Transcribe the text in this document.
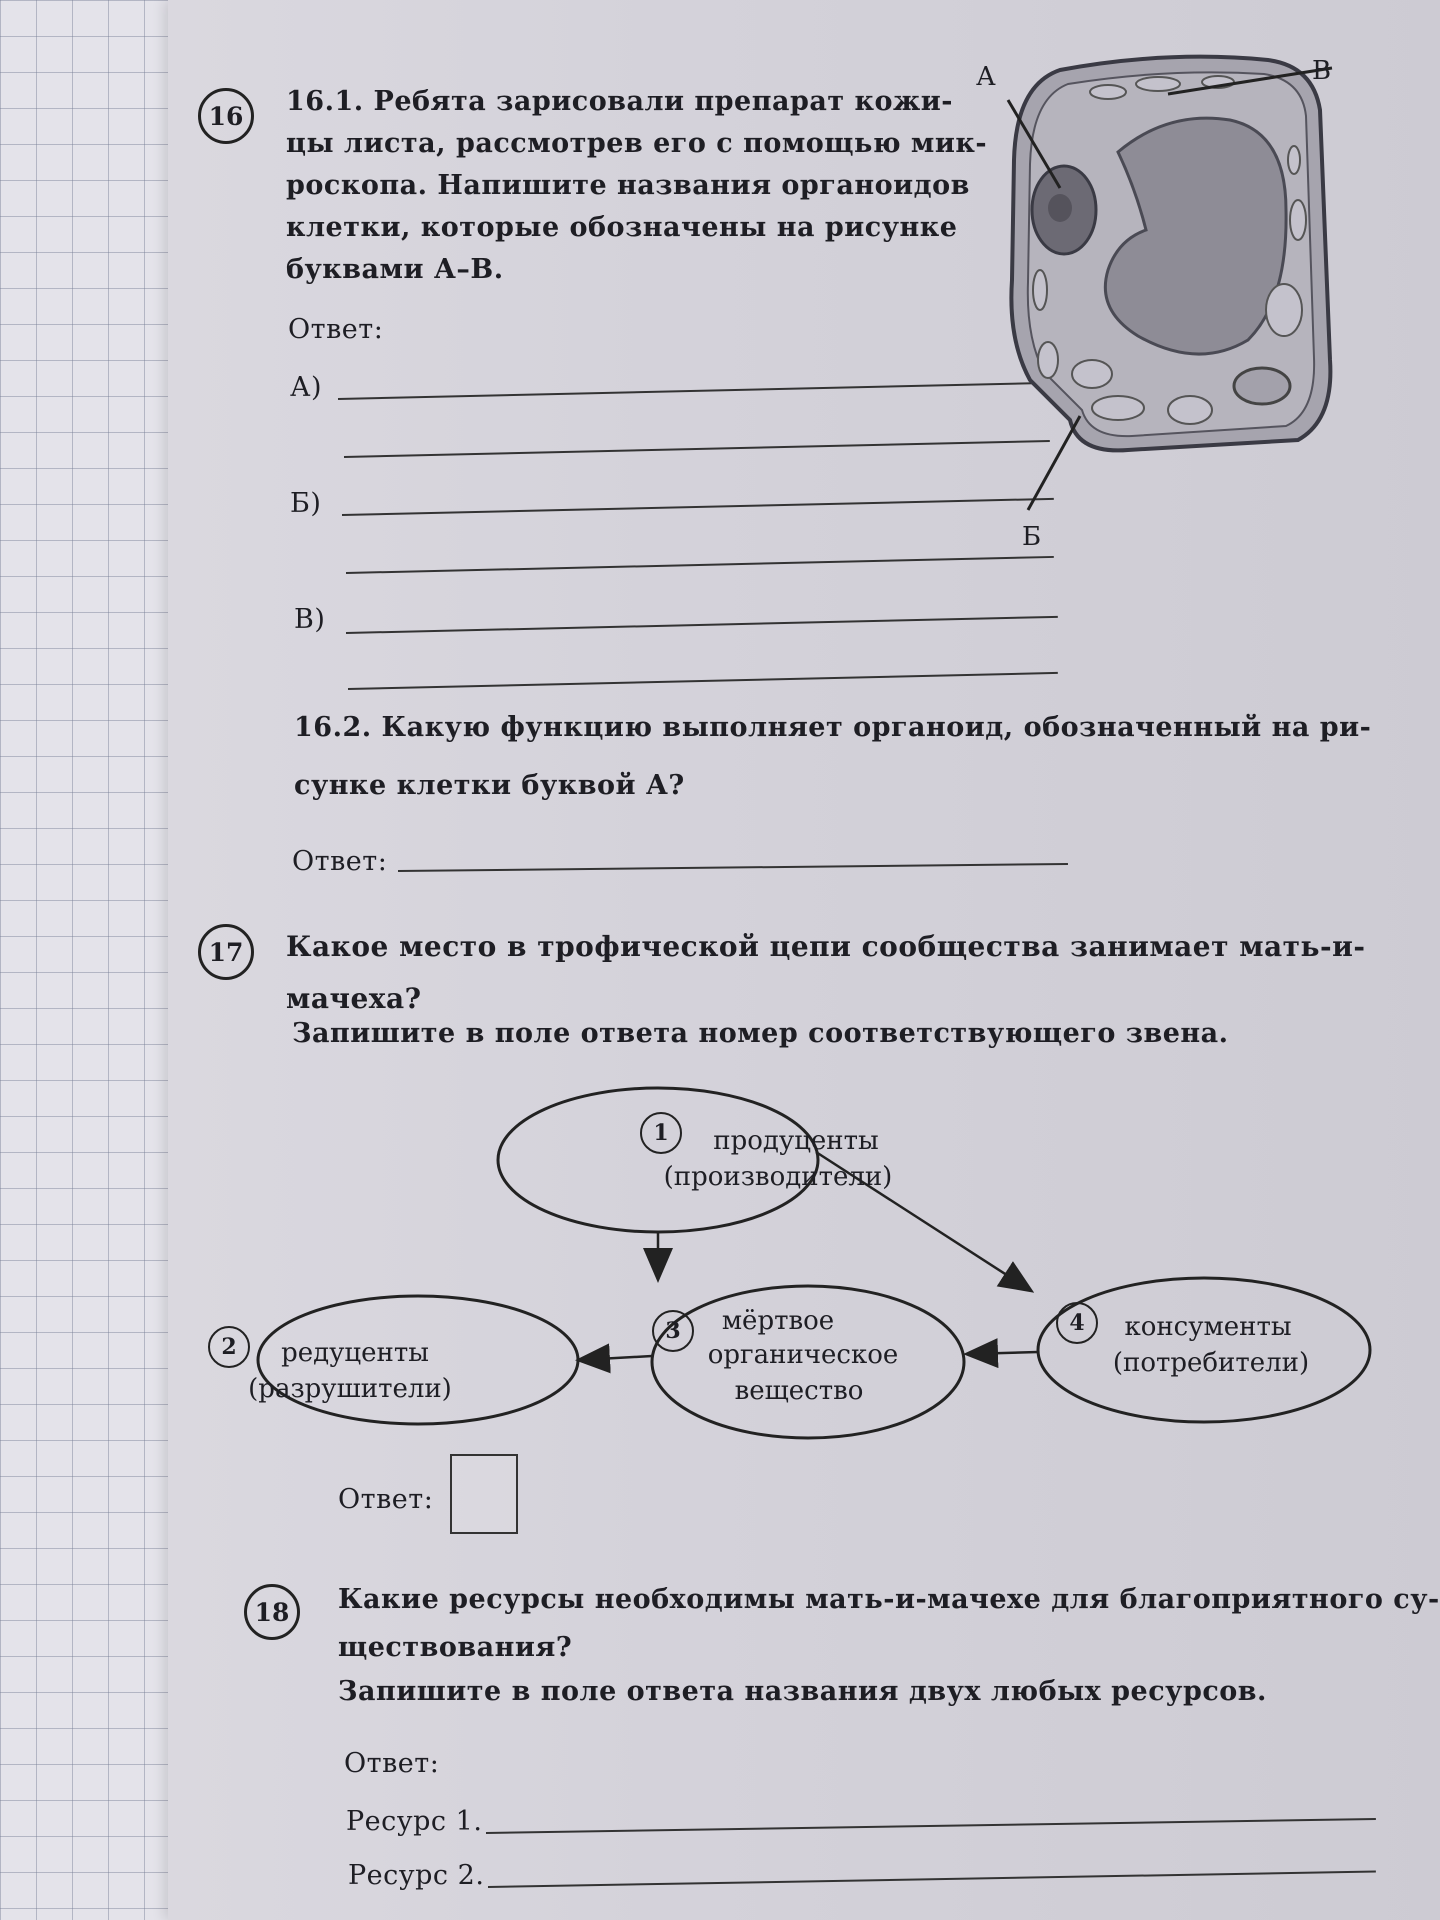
16	16.1. Ребята зарисовали препарат кожи-
цы листа, рассмотрев его с помощью мик-
роскопа. Напишите названия органоидов
клетки, которые обозначены на рисунке
буквами А–В.
Ответ:
А)
Б)
В)
А	В
Б
16.2. Какую функцию выполняет органоид, обозначенный на ри-
сунке клетки буквой А?
Ответ:
17	Какое место в трофической цепи сообщества занимает мать-и-
мачеха?
Запишите в поле ответа номер соответствующего звена.
1	продуценты
(производители)
2	редуценты
(разрушители)
3	мёртвое
органическое
вещество
4	консументы
(потребители)
Ответ:
18	Какие ресурсы необходимы мать-и-мачехе для благоприятного су-
ществования?
Запишите в поле ответа названия двух любых ресурсов.
Ответ:
Ресурс 1.
Ресурс 2.
